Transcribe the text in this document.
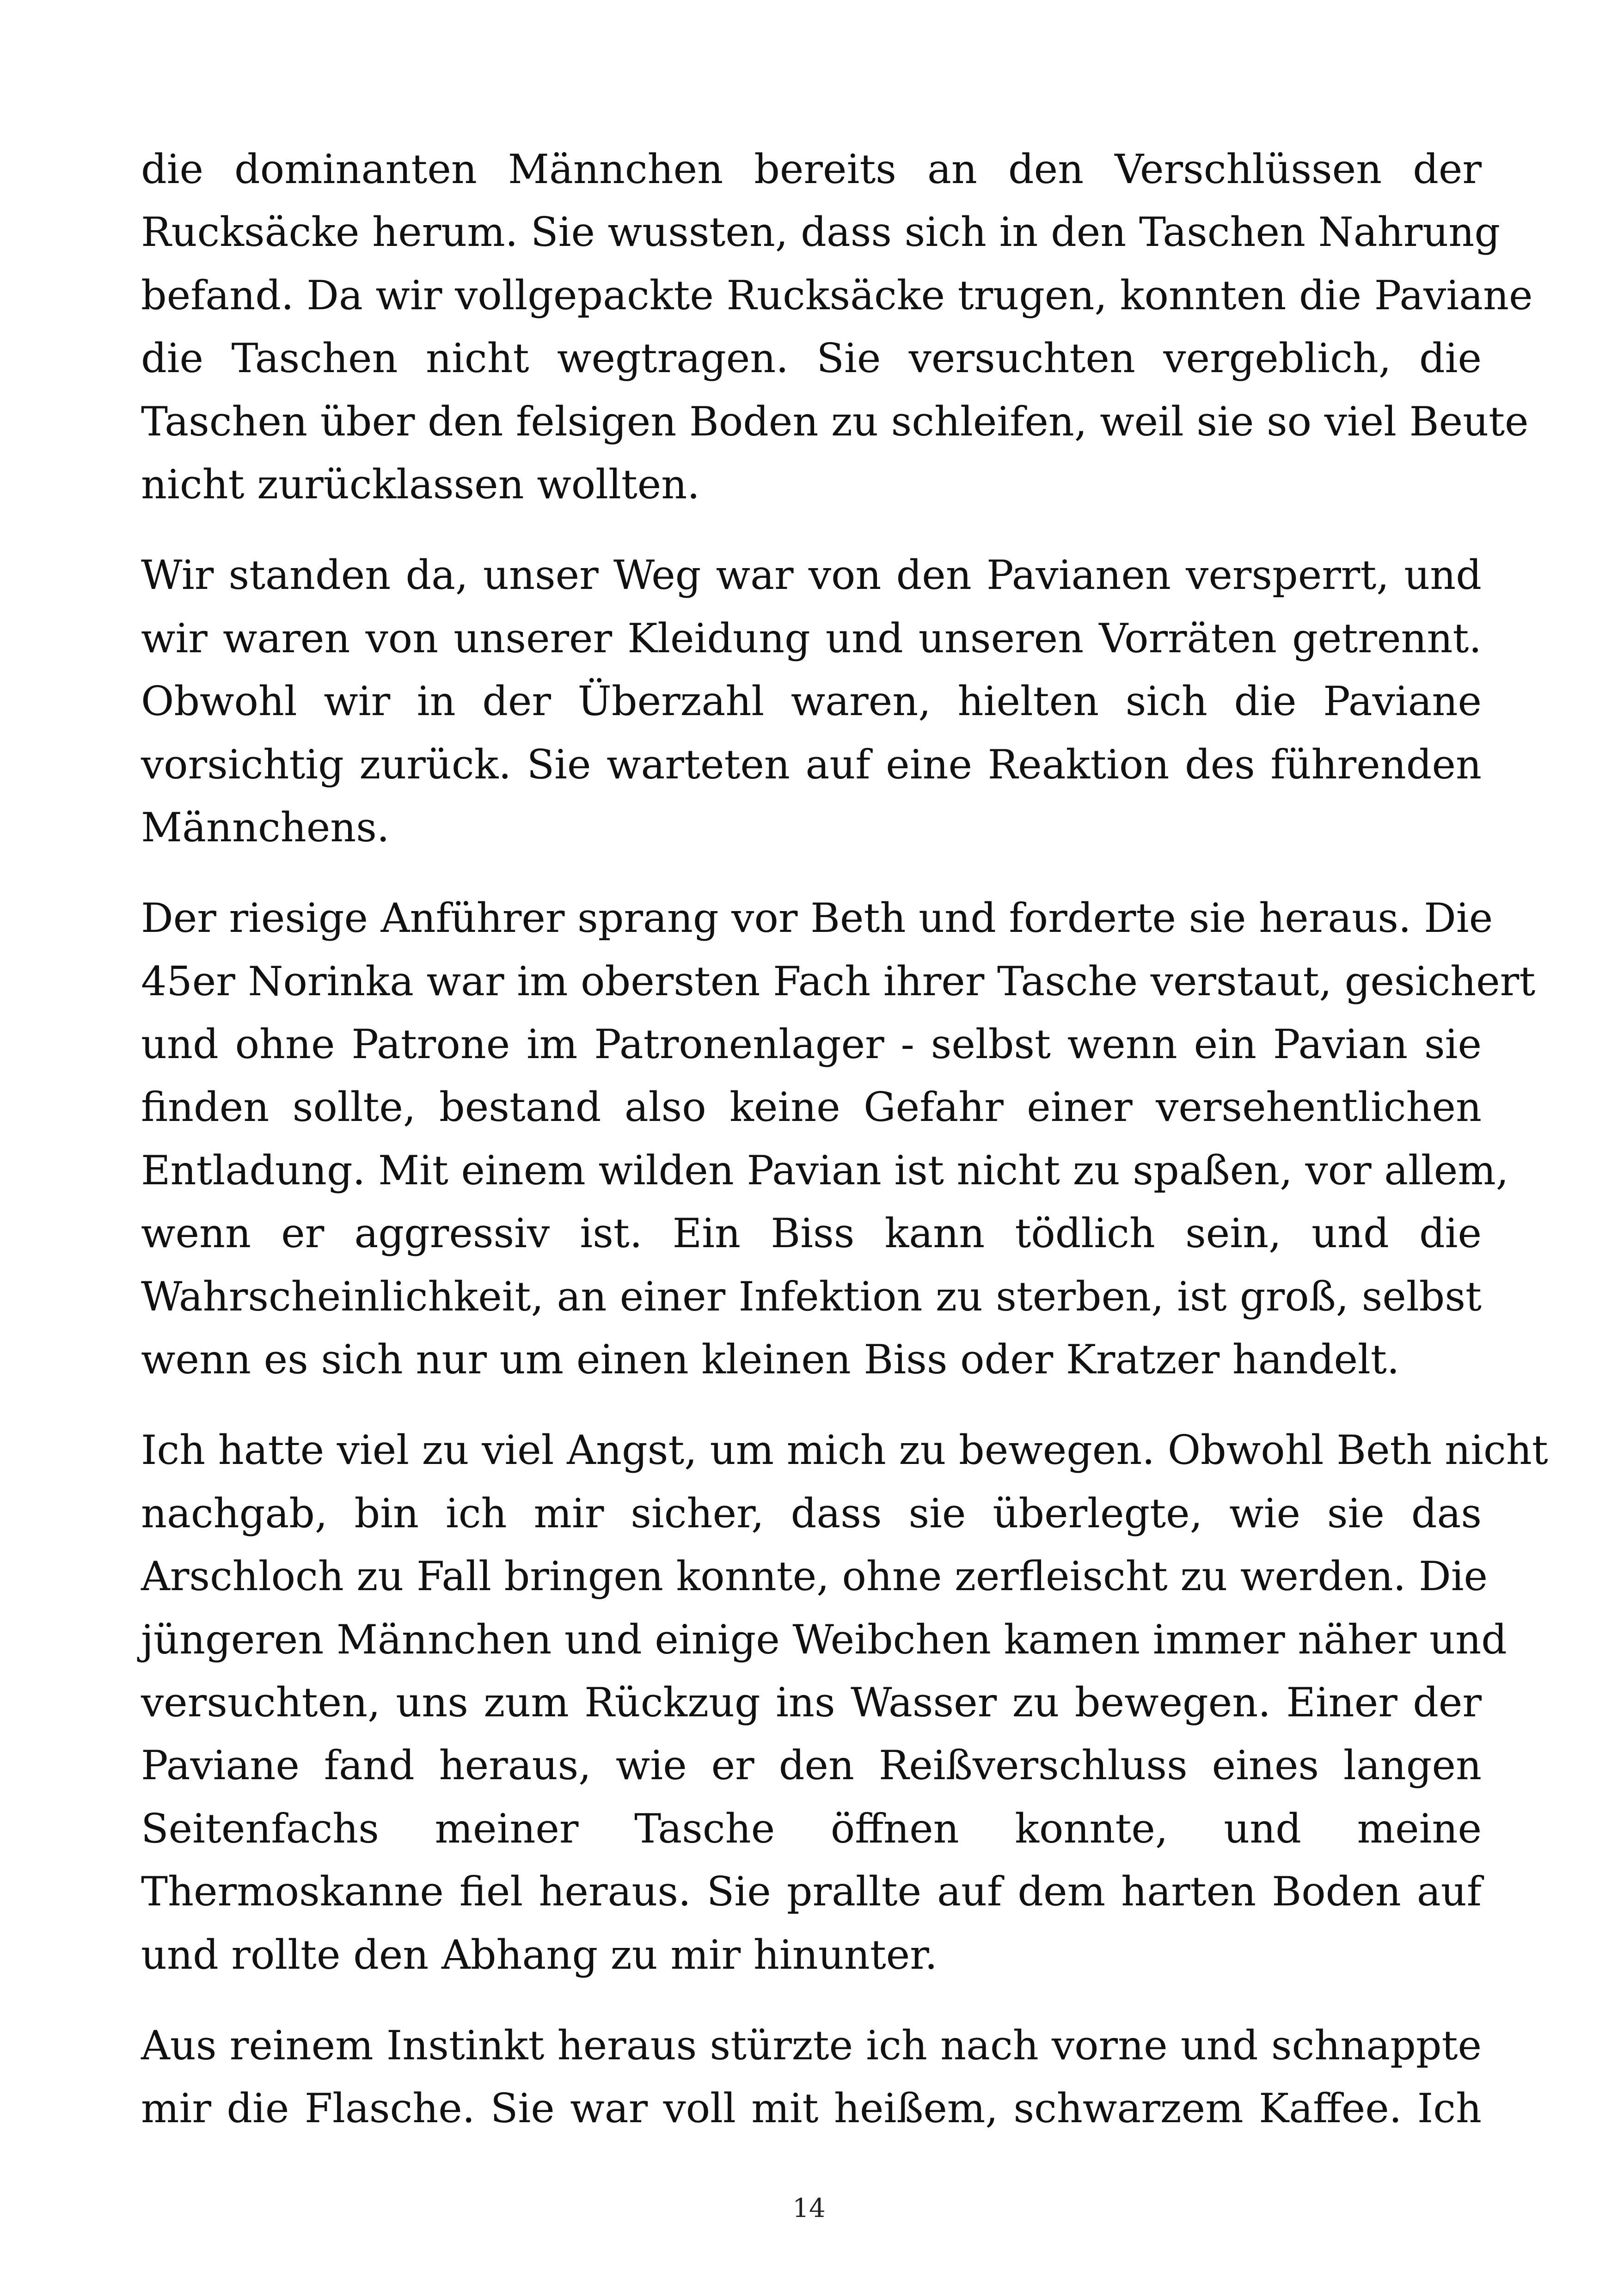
die dominanten Männchen bereits an den Verschlüssen der
Rucksäcke herum. Sie wussten, dass sich in den Taschen Nahrung
befand. Da wir vollgepackte Rucksäcke trugen, konnten die Paviane
die Taschen nicht wegtragen. Sie versuchten vergeblich, die
Taschen über den felsigen Boden zu schleifen, weil sie so viel Beute
nicht zurücklassen wollten.

Wir standen da, unser Weg war von den Pavianen versperrt, und
wir waren von unserer Kleidung und unseren Vorräten getrennt.
Obwohl wir in der Überzahl waren, hielten sich die Paviane
vorsichtig zurück. Sie warteten auf eine Reaktion des führenden
Männchens.

Der riesige Anführer sprang vor Beth und forderte sie heraus. Die
45er Norinka war im obersten Fach ihrer Tasche verstaut, gesichert
und ohne Patrone im Patronenlager - selbst wenn ein Pavian sie
finden sollte, bestand also keine Gefahr einer versehentlichen
Entladung. Mit einem wilden Pavian ist nicht zu spaßen, vor allem,
wenn er aggressiv ist. Ein Biss kann tödlich sein, und die
Wahrscheinlichkeit, an einer Infektion zu sterben, ist groß, selbst
wenn es sich nur um einen kleinen Biss oder Kratzer handelt.

Ich hatte viel zu viel Angst, um mich zu bewegen. Obwohl Beth nicht
nachgab, bin ich mir sicher, dass sie überlegte, wie sie das
Arschloch zu Fall bringen konnte, ohne zerfleischt zu werden. Die
jüngeren Männchen und einige Weibchen kamen immer näher und
versuchten, uns zum Rückzug ins Wasser zu bewegen. Einer der
Paviane fand heraus, wie er den Reißverschluss eines langen
Seitenfachs meiner Tasche öffnen konnte, und meine
Thermoskanne fiel heraus. Sie prallte auf dem harten Boden auf
und rollte den Abhang zu mir hinunter.

Aus reinem Instinkt heraus stürzte ich nach vorne und schnappte
mir die Flasche. Sie war voll mit heißem, schwarzem Kaffee. Ich

14
